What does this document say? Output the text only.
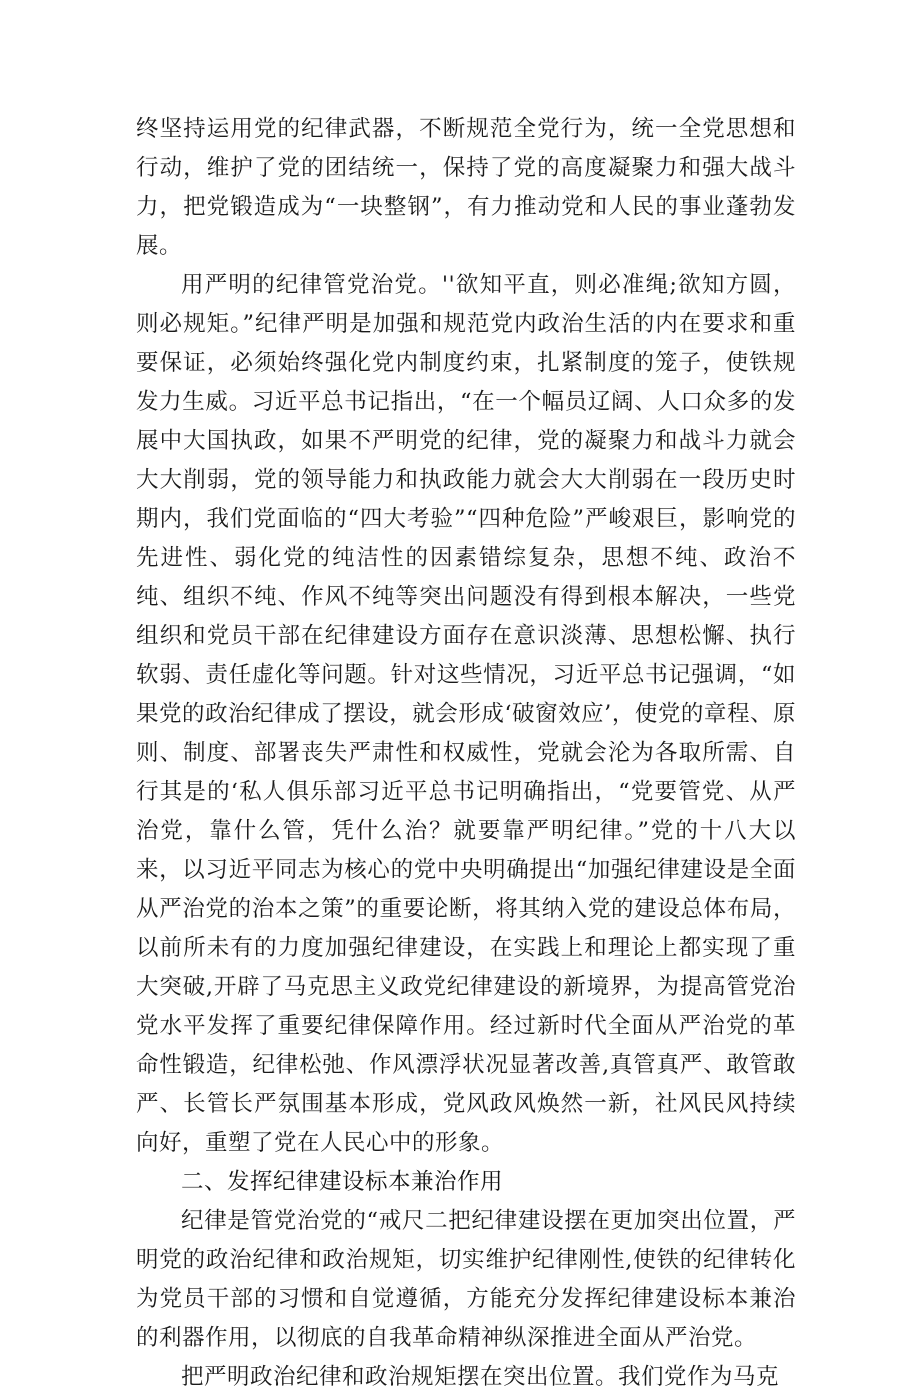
终坚持运用党的纪律武器，不断规范全党行为，统一全党思想和行动，维护了党的团结统一，保持了党的高度凝聚力和强大战斗力，把党锻造成为“一块整钢”，有力推动党和人民的事业蓬勃发展。

用严明的纪律管党治党。''欲知平直，则必准绳;欲知方圆，则必规矩。”纪律严明是加强和规范党内政治生活的内在要求和重要保证，必须始终强化党内制度约束，扎紧制度的笼子，使铁规发力生威。习近平总书记指出，“在一个幅员辽阔、人口众多的发展中大国执政，如果不严明党的纪律，党的凝聚力和战斗力就会大大削弱，党的领导能力和执政能力就会大大削弱在一段历史时期内，我们党面临的“四大考验”“四种危险”严峻艰巨，影响党的先进性、弱化党的纯洁性的因素错综复杂，思想不纯、政治不纯、组织不纯、作风不纯等突出问题没有得到根本解决，一些党组织和党员干部在纪律建设方面存在意识淡薄、思想松懈、执行软弱、责任虚化等问题。针对这些情况，习近平总书记强调，“如果党的政治纪律成了摆设，就会形成‘破窗效应’，使党的章程、原则、制度、部署丧失严肃性和权威性，党就会沦为各取所需、自行其是的‘私人俱乐部习近平总书记明确指出，“党要管党、从严治党，靠什么管，凭什么治？就要靠严明纪律。”党的十八大以来，以习近平同志为核心的党中央明确提出“加强纪律建设是全面从严治党的治本之策”的重要论断，将其纳入党的建设总体布局，以前所未有的力度加强纪律建设，在实践上和理论上都实现了重大突破,开辟了马克思主义政党纪律建设的新境界，为提高管党治党水平发挥了重要纪律保障作用。经过新时代全面从严治党的革命性锻造，纪律松弛、作风漂浮状况显著改善,真管真严、敢管敢严、长管长严氛围基本形成，党风政风焕然一新，社风民风持续向好，重塑了党在人民心中的形象。

二、发挥纪律建设标本兼治作用

纪律是管党治党的“戒尺二把纪律建设摆在更加突出位置，严明党的政治纪律和政治规矩，切实维护纪律刚性,使铁的纪律转化为党员干部的习惯和自觉遵循，方能充分发挥纪律建设标本兼治的利器作用，以彻底的自我革命精神纵深推进全面从严治党。

把严明政治纪律和政治规矩摆在突出位置。我们党作为马克
